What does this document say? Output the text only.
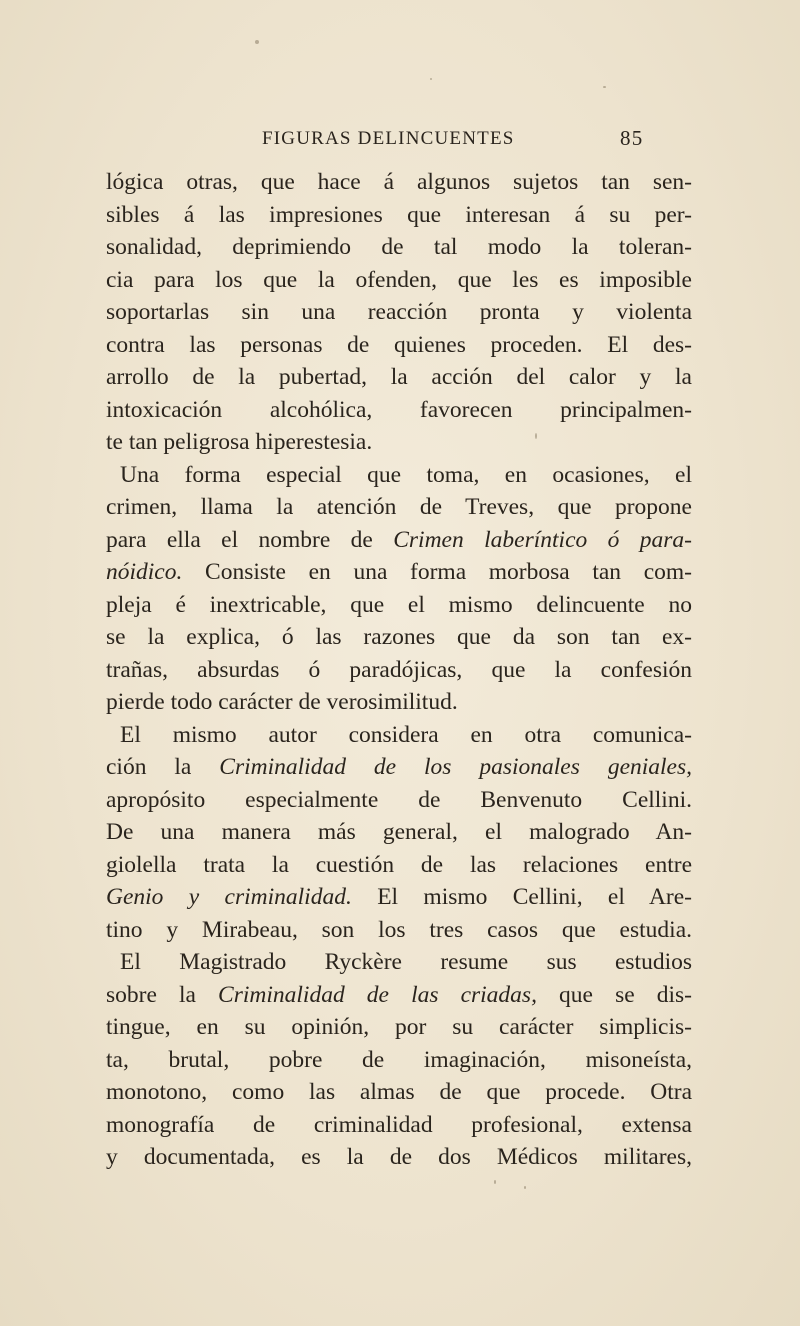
FIGURAS DELINCUENTES	85
lógica otras, que hace á algunos sujetos tan sen-
sibles á las impresiones que interesan á su per-
sonalidad, deprimiendo de tal modo la toleran-
cia para los que la ofenden, que les es imposible
soportarlas sin una reacción pronta y violenta
contra las personas de quienes proceden. El des-
arrollo de la pubertad, la acción del calor y la
intoxicación alcohólica, favorecen principalmen-
te tan peligrosa hiperestesia.
Una forma especial que toma, en ocasiones, el
crimen, llama la atención de Treves, que propone
para ella el nombre de Crimen laberíntico ó para-
nóidico. Consiste en una forma morbosa tan com-
pleja é inextricable, que el mismo delincuente no
se la explica, ó las razones que da son tan ex-
trañas, absurdas ó paradójicas, que la confesión
pierde todo carácter de verosimilitud.
El mismo autor considera en otra comunica-
ción la Criminalidad de los pasionales geniales,
apropósito especialmente de Benvenuto Cellini.
De una manera más general, el malogrado An-
giolella trata la cuestión de las relaciones entre
Genio y criminalidad. El mismo Cellini, el Are-
tino y Mirabeau, son los tres casos que estudia.
El Magistrado Ryckère resume sus estudios
sobre la Criminalidad de las criadas, que se dis-
tingue, en su opinión, por su carácter simplicis-
ta, brutal, pobre de imaginación, misoneísta,
monotono, como las almas de que procede. Otra
monografía de criminalidad profesional, extensa
y documentada, es la de dos Médicos militares,
